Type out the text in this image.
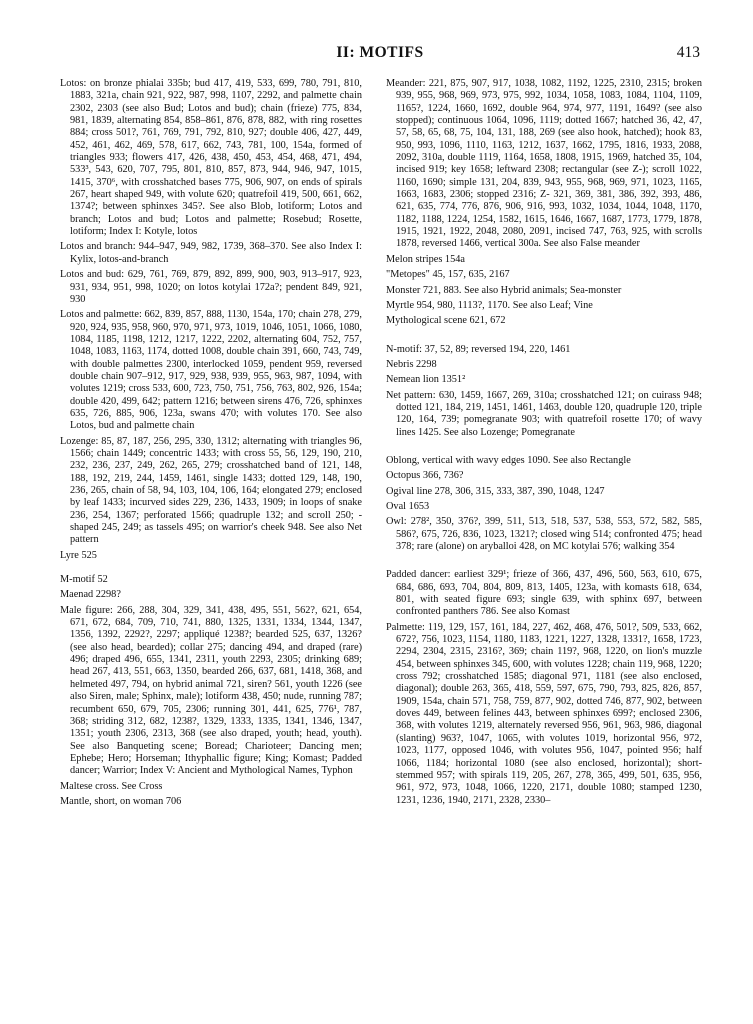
II: MOTIFS	413

Lotos: on bronze phialai 335b; bud 417, 419, 533, 699, 780, 791, 810, 1883, 321a, chain 921, 922, 987, 998, 1107, 2292, and palmette chain 2302, 2303 (see also Bud; Lotos and bud); chain (frieze) 775, 834, 981, 1839, alternating 854, 858–861, 876, 878, 882, with ring rosettes 884; cross 501?, 761, 769, 791, 792, 810, 927; double 406, 427, 449, 452, 461, 462, 469, 578, 617, 662, 743, 781, 100, 154a, formed of triangles 933; flowers 417, 426, 438, 450, 453, 454, 468, 471, 494, 533³, 543, 620, 707, 795, 801, 810, 857, 873, 944, 946, 947, 1015, 1415, 370⁶, with crosshatched bases 775, 906, 907, on ends of spirals 267, heart shaped 949, with volute 620; quatrefoil 419, 500, 661, 662, 1374?; between sphinxes 345?. See also Blob, lotiform; Lotos and branch; Lotos and bud; Lotos and palmette; Rosebud; Rosette, lotiform; Index I: Kotyle, lotos

Lotos and branch: 944–947, 949, 982, 1739, 368–370. See also Index I: Kylix, lotos-and-branch

Lotos and bud: 629, 761, 769, 879, 892, 899, 900, 903, 913–917, 923, 931, 934, 951, 998, 1020; on lotos kotylai 172a?; pendent 849, 921, 930

Lotos and palmette: 662, 839, 857, 888, 1130, 154a, 170; chain 278, 279, 920, 924, 935, 958, 960, 970, 971, 973, 1019, 1046, 1051, 1066, 1080, 1084, 1185, 1198, 1212, 1217, 1222, 2202, alternating 604, 752, 757, 1048, 1083, 1163, 1174, dotted 1008, double chain 391, 660, 743, 749, with double palmettes 2300, interlocked 1059, pendent 959, reversed double chain 907–912, 917, 929, 938, 939, 955, 963, 987, 1094, with volutes 1219; cross 533, 600, 723, 750, 751, 756, 763, 802, 926, 154a; double 420, 499, 642; pattern 1216; between sirens 476, 726, sphinxes 635, 726, 885, 906, 123a, swans 470; with volutes 170. See also Lotos, bud and palmette chain

Lozenge: 85, 87, 187, 256, 295, 330, 1312; alternating with triangles 96, 1566; chain 1449; concentric 1433; with cross 55, 56, 129, 190, 210, 232, 236, 237, 249, 262, 265, 279; crosshatched band of 121, 148, 188, 192, 219, 244, 1459, 1461, single 1433; dotted 129, 148, 190, 236, 265, chain of 58, 94, 103, 104, 106, 164; elongated 279; enclosed by leaf 1433; incurved sides 229, 236, 1433, 1909; in loops of snake 236, 254, 1367; perforated 1566; quadruple 132; and scroll 250; -shaped 245, 249; as tassels 495; on warrior's cheek 948. See also Net pattern

Lyre 525

M-motif 52

Maenad 2298?

Male figure: 266, 288, 304, 329, 341, 438, 495, 551, 562?, 621, 654, 671, 672, 684, 709, 710, 741, 880, 1325, 1331, 1334, 1344, 1347, 1356, 1392, 2292?, 2297; appliqué 1238?; bearded 525, 637, 1326? (see also head, bearded); collar 275; dancing 494, and draped (rare) 496; draped 496, 655, 1341, 2311, youth 2293, 2305; drinking 689; head 267, 413, 551, 663, 1350, bearded 266, 637, 681, 1418, 368, and helmeted 497, 794, on hybrid animal 721, siren? 561, youth 1226 (see also Siren, male; Sphinx, male); lotiform 438, 450; nude, running 787; recumbent 650, 679, 705, 2306; running 301, 441, 625, 776¹, 787, 368; striding 312, 682, 1238?, 1329, 1333, 1335, 1341, 1346, 1347, 1351; youth 2306, 2313, 368 (see also draped, youth; head, youth). See also Banqueting scene; Boread; Charioteer; Dancing men; Ephebe; Hero; Horseman; Ithyphallic figure; King; Komast; Padded dancer; Warrior; Index V: Ancient and Mythological Names, Typhon

Maltese cross. See Cross

Mantle, short, on woman 706

Meander: 221, 875, 907, 917, 1038, 1082, 1192, 1225, 2310, 2315; broken 939, 955, 968, 969, 973, 975, 992, 1034, 1058, 1083, 1084, 1104, 1109, 1165?, 1224, 1660, 1692, double 964, 974, 977, 1191, 1649? (see also stopped); continuous 1064, 1096, 1119; dotted 1667; hatched 36, 42, 47, 57, 58, 65, 68, 75, 104, 131, 188, 269 (see also hook, hatched); hook 83, 950, 993, 1096, 1110, 1163, 1212, 1637, 1662, 1795, 1816, 1933, 2088, 2092, 310a, double 1119, 1164, 1658, 1808, 1915, 1969, hatched 35, 104, incised 919; key 1658; leftward 2308; rectangular (see Z-); scroll 1022, 1160, 1690; simple 131, 204, 839, 943, 955, 968, 969, 971, 1023, 1165, 1663, 1683, 2306; stopped 2316; Z- 321, 369, 381, 386, 392, 393, 486, 621, 635, 774, 776, 876, 906, 916, 993, 1032, 1034, 1044, 1048, 1170, 1182, 1188, 1224, 1254, 1582, 1615, 1646, 1667, 1687, 1773, 1779, 1878, 1915, 1921, 1922, 2048, 2080, 2091, incised 747, 763, 925, with scrolls 1878, reversed 1466, vertical 300a. See also False meander

Melon stripes 154a

"Metopes" 45, 157, 635, 2167

Monster 721, 883. See also Hybrid animals; Sea-monster

Myrtle 954, 980, 1113?, 1170. See also Leaf; Vine

Mythological scene 621, 672

N-motif: 37, 52, 89; reversed 194, 220, 1461

Nebris 2298

Nemean lion 1351²

Net pattern: 630, 1459, 1667, 269, 310a; crosshatched 121; on cuirass 948; dotted 121, 184, 219, 1451, 1461, 1463, double 120, quadruple 120, triple 120, 164, 739; pomegranate 903; with quatrefoil rosette 170; of wavy lines 1425. See also Lozenge; Pomegranate

Oblong, vertical with wavy edges 1090. See also Rectangle

Octopus 366, 736?

Ogival line 278, 306, 315, 333, 387, 390, 1048, 1247

Oval 1653

Owl: 278², 350, 376?, 399, 511, 513, 518, 537, 538, 553, 572, 582, 585, 586?, 675, 726, 836, 1023, 1321?; closed wing 514; confronted 475; head 378; rare (alone) on aryballoi 428, on MC kotylai 576; walking 354

Padded dancer: earliest 329¹; frieze of 366, 437, 496, 560, 563, 610, 675, 684, 686, 693, 704, 804, 809, 813, 1405, 123a, with komasts 618, 634, 801, with seated figure 693; single 639, with sphinx 697, between confronted panthers 786. See also Komast

Palmette: 119, 129, 157, 161, 184, 227, 462, 468, 476, 501?, 509, 533, 662, 672?, 756, 1023, 1154, 1180, 1183, 1221, 1227, 1328, 1331?, 1658, 1723, 2294, 2304, 2315, 2316?, 369; chain 119?, 968, 1220, on lion's muzzle 454, between sphinxes 345, 600, with volutes 1228; chain 119, 968, 1220; cross 792; crosshatched 1585; diagonal 971, 1181 (see also enclosed, diagonal); double 263, 365, 418, 559, 597, 675, 790, 793, 825, 826, 857, 1909, 154a, chain 571, 758, 759, 877, 902, dotted 746, 877, 902, between doves 449, between felines 443, between sphinxes 699?; enclosed 2306, 368, with volutes 1219, alternately reversed 956, 961, 963, 986, diagonal (slanting) 963?, 1047, 1065, with volutes 1019, horizontal 956, 972, 1023, 1177, opposed 1046, with volutes 956, 1047, pointed 956; half 1066, 1184; horizontal 1080 (see also enclosed, horizontal); short-stemmed 957; with spirals 119, 205, 267, 278, 365, 499, 501, 635, 956, 961, 972, 973, 1048, 1066, 1220, 2171, double 1080; stamped 1230, 1231, 1236, 1940, 2171, 2328, 2330–
